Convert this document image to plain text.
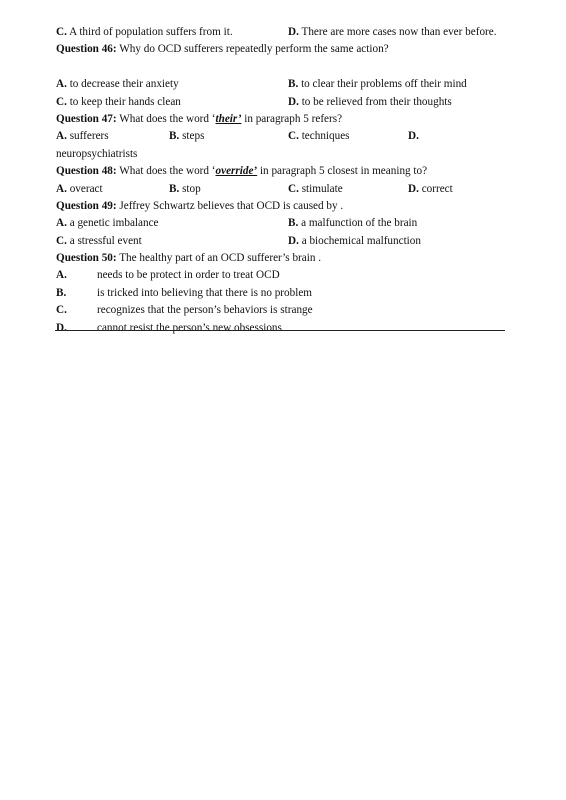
C. A third of population suffers from it.	D. There are more cases now than ever before.
Question 46: Why do OCD sufferers repeatedly perform the same action?
A. to decrease their anxiety	B. to clear their problems off their mind
C. to keep their hands clean	D. to be relieved from their thoughts
Question 47: What does the word ‘their’ in paragraph 5 refers?
A. sufferers	B. steps	C. techniques	D.
neuropsychiatrists
Question 48: What does the word ‘override’ in paragraph 5 closest in meaning to?
A. overact	B. stop	C. stimulate	D. correct
Question 49: Jeffrey Schwartz believes that OCD is caused by .
A. a genetic imbalance	B. a malfunction of the brain
C. a stressful event	D. a biochemical malfunction
Question 50: The healthy part of an OCD sufferer’s brain .
A.	needs to be protect in order to treat OCD
B.	is tricked into believing that there is no problem
C.	recognizes that the person’s behaviors is strange
D.	cannot resist the person’s new obsessions
